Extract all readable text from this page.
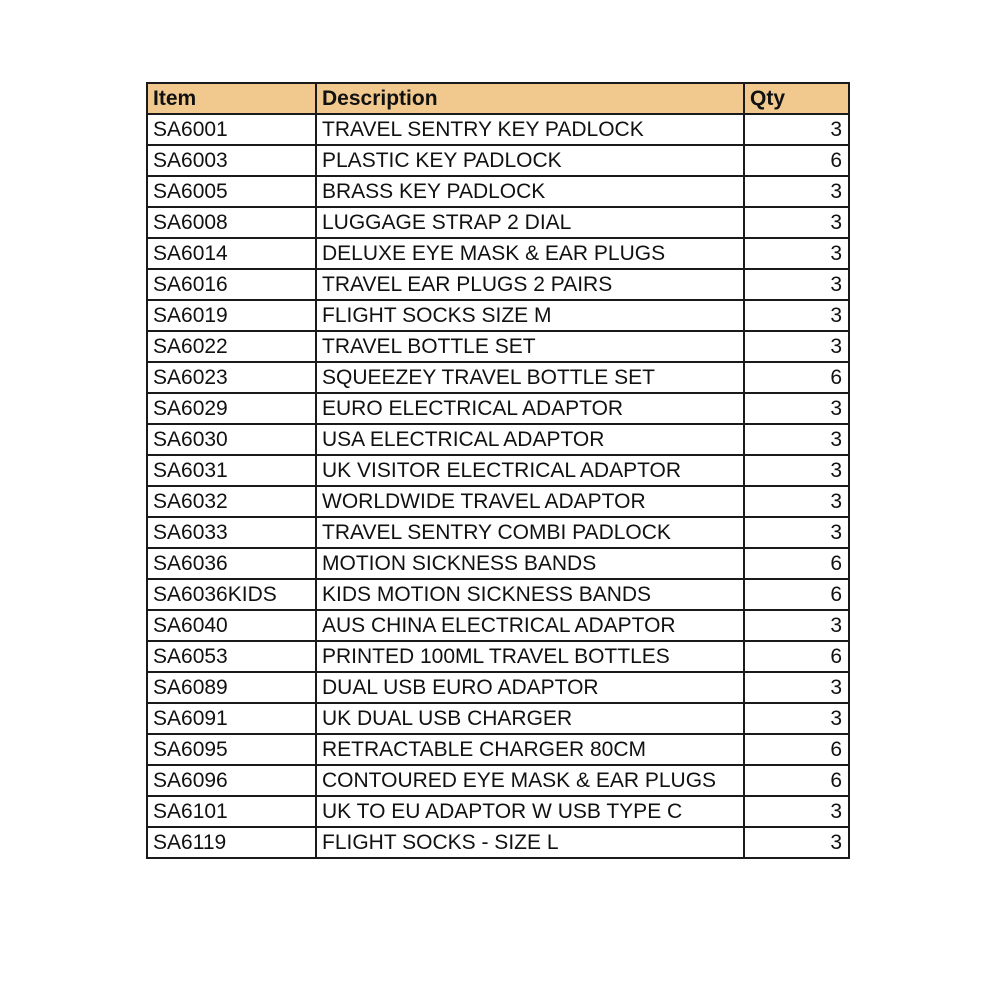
Item	Description	Qty
SA6001	TRAVEL SENTRY KEY PADLOCK	3
SA6003	PLASTIC KEY PADLOCK	6
SA6005	BRASS KEY PADLOCK	3
SA6008	LUGGAGE STRAP 2 DIAL	3
SA6014	DELUXE EYE MASK & EAR PLUGS	3
SA6016	TRAVEL EAR PLUGS 2 PAIRS	3
SA6019	FLIGHT SOCKS SIZE M	3
SA6022	TRAVEL BOTTLE SET	3
SA6023	SQUEEZEY TRAVEL BOTTLE SET	6
SA6029	EURO ELECTRICAL ADAPTOR	3
SA6030	USA ELECTRICAL ADAPTOR	3
SA6031	UK VISITOR ELECTRICAL ADAPTOR	3
SA6032	WORLDWIDE TRAVEL ADAPTOR	3
SA6033	TRAVEL SENTRY COMBI PADLOCK	3
SA6036	MOTION SICKNESS BANDS	6
SA6036KIDS	KIDS MOTION SICKNESS BANDS	6
SA6040	AUS CHINA ELECTRICAL ADAPTOR	3
SA6053	PRINTED 100ML TRAVEL BOTTLES	6
SA6089	DUAL USB EURO ADAPTOR	3
SA6091	UK DUAL USB CHARGER	3
SA6095	RETRACTABLE CHARGER 80CM	6
SA6096	CONTOURED EYE MASK & EAR PLUGS	6
SA6101	UK TO EU ADAPTOR W USB TYPE C	3
SA6119	FLIGHT SOCKS - SIZE L	3
